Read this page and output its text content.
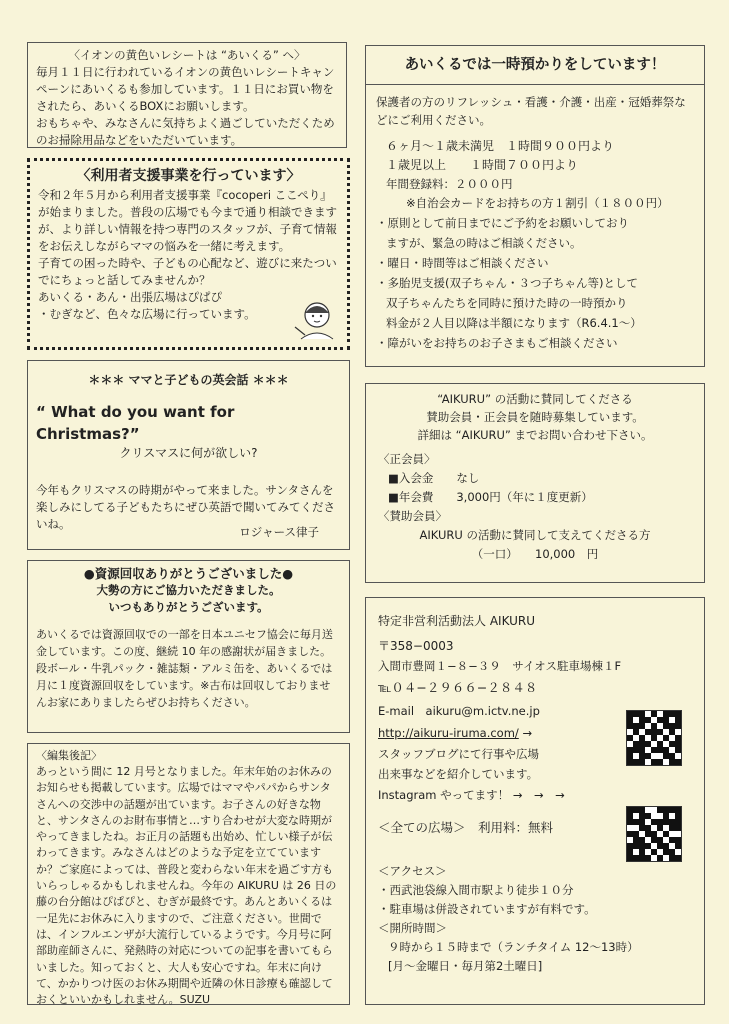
〈イオンの黄色いレシートは “あいくる” へ〉

毎月１１日に行われているイオンの黄色いレシートキャンペーンにあいくるも参加しています。１１日にお買い物をされたら、あいくるBOXにお願いします。
おもちゃや、みなさんに気持ちよく過ごしていただくためのお掃除用品などをいただいています。

〈利用者支援事業を行っています〉

令和２年５月から利用者支援事業『cocoperi ここぺり』が始まりました。普段の広場でも今まで通り相談できますが、より詳しい情報を持つ専門のスタッフが、子育て情報をお伝えしながらママの悩みを一緒に考えます。
子育ての困った時や、子どもの心配など、遊びに来たついでにちょっと話してみませんか？
あいくる・あん・出張広場はぴぱぴ
・むぎなど、色々な広場に行っています。

＊＊＊ ママと子どもの英会話 ＊＊＊

“ What do you want for Christmas?”

クリスマスに何が欲しい?

今年もクリスマスの時期がやって来ました。サンタさんを楽しみにしてる子どもたちにぜひ英語で聞いてみてくださいね。

ロジャース律子

●資源回収ありがとうございました●

大勢の方にご協力いただきました。

いつもありがとうございます。

あいくるでは資源回収での一部を日本ユニセフ協会に毎月送金しています。この度、継続 10 年の感謝状が届きました。

段ボール・牛乳パック・雑誌類・アルミ缶を、あいくるでは月に１度資源回収をしています。※古布は回収しておりませんお家にありましたらぜひお持ちください。

〈編集後記〉

あっという間に 12 月号となりました。年末年始のお休みのお知らせも掲載しています。広場ではママやパパからサンタさんへの交渉中の話題が出ています。お子さんの好きな物と、サンタさんのお財布事情と…すり合わせが大変な時期がやってきましたね。お正月の話題も出始め、忙しい様子が伝わってきます。みなさんはどのような予定を立てていますか？ご家庭によっては、普段と変わらない年末を過ごす方もいらっしゃるかもしれませんね。今年の AIKURU は 26 日の藤の台分館はぴぱぴと、むぎが最終です。あんとあいくるは一足先にお休みに入りますので、ご注意ください。世間では、インフルエンザが大流行しているようです。今月号に阿部助産師さんに、発熱時の対応についての記事を書いてもらいました。知っておくと、大人も安心ですね。年末に向けて、かかりつけ医のお休み期間や近隣の休日診療も確認しておくといいかもしれません。SUZU

あいくるでは一時預かりをしています！

保護者の方のリフレッシュ・看護・介護・出産・冠婚葬祭などにご利用ください。

６ヶ月〜１歳未満児　１時間９００円より

１歳児以上　　１時間７００円より

年間登録料：２０００円

※自治会カードをお持ちの方１割引（１８００円）

・原則として前日までにご予約をお願いしており

ますが、緊急の時はご相談ください。

・曜日・時間等はご相談ください

・多胎児支援(双子ちゃん・３つ子ちゃん等)として

双子ちゃんたちを同時に預けた時の一時預かり

料金が２人目以降は半額になります（R6.4.1〜）

・障がいをお持ちのお子さまもご相談ください

“AIKURU” の活動に賛同してくださる

賛助会員・正会員を随時募集しています。

詳細は “AIKURU” までお問い合わせ下さい。

〈正会員〉

■入会金　　なし

■年会費　　3,000円（年に１度更新）

〈賛助会員〉

AIKURU の活動に賛同して支えてくださる方

（一口）　　10,000　円

特定非営利活動法人 AIKURU

〒358−0003

入間市豊岡１−８−３９　サイオス駐車場棟１F

℡０４−２９６６−２８４８

E-mail　aikuru@m.ictv.ne.jp

http://aikuru-iruma.com/ →

スタッフブログにて行事や広場

出来事などを紹介しています。

Instagram やってます！ →　→　→

＜全ての広場＞　利用料：無料

＜アクセス＞

・西武池袋線入間市駅より徒歩１０分

・駐車場は併設されていますが有料です。

＜開所時間＞

９時から１５時まで（ランチタイム 12〜13時）

[月〜金曜日・毎月第2土曜日]
